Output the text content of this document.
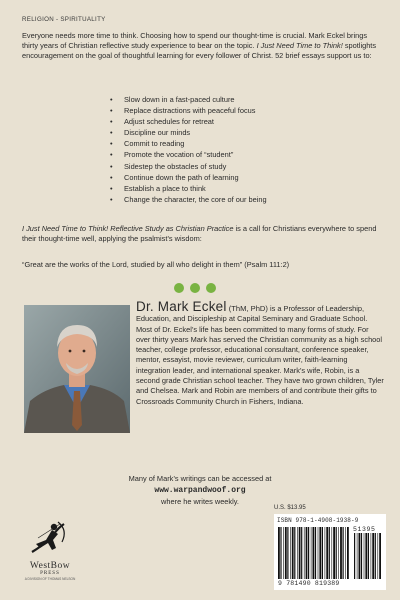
RELIGION - SPIRITUALITY

Everyone needs more time to think. Choosing how to spend our thought-time is crucial. Mark Eckel brings thirty years of Christian reflective study experience to bear on the topic. I Just Need Time to Think! spotlights encouragement on the goal of thoughtful learning for every follower of Christ. 52 brief essays support us to:

• Slow down in a fast-paced culture
• Replace distractions with peaceful focus
• Adjust schedules for retreat
• Discipline our minds
• Commit to reading
• Promote the vocation of “student”
• Sidestep the obstacles of study
• Continue down the path of learning
• Establish a place to think
• Change the character, the core of our being

I Just Need Time to Think! Reflective Study as Christian Practice is a call for Christians everywhere to spend their thought-time well, applying the psalmist’s wisdom:

“Great are the works of the Lord, studied by all who delight in them” (Psalm 111:2)

Dr. Mark Eckel (ThM, PhD) is a Professor of Leadership, Education, and Discipleship at Capital Seminary and Graduate School. Most of Dr. Eckel’s life has been committed to many forms of study. For over thirty years Mark has served the Christian community as a high school teacher, college professor, educational consultant, conference speaker, mentor, essayist, movie reviewer, curriculum writer, faith-learning integration leader, and international speaker. Mark’s wife, Robin, is a second grade Christian school teacher. They have two grown children, Tyler and Chelsea. Mark and Robin are members of and contribute their gifts to Crossroads Community Church in Fishers, Indiana.

Many of Mark’s writings can be accessed at
www.warpandwoof.org
where he writes weekly.
WestBow
PRESS
A DIVISION OF THOMAS NELSON
U.S. $13.95
ISBN 978-1-4908-1938-9
51395
9 781490 819389
